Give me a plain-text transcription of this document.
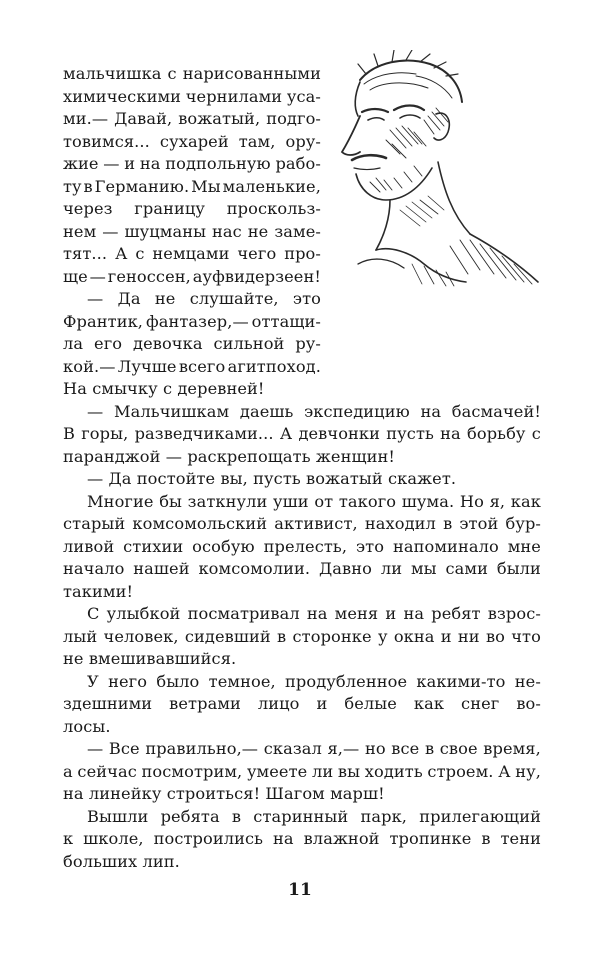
мальчишка с нарисованными
химическими чернилами уса-
ми.— Давай, вожатый, подго-
товимся... сухарей там, ору-
жие — и на подпольную рабо-
ту в Германию. Мы маленькие,
через границу проскольз-
нем — шуцманы нас не заме-
тят... А с немцами чего про-
ще — геноссен, ауфвидерзеен!
— Да не слушайте, это
Франтик, фантазер,— оттащи-
ла его девочка сильной ру-
кой.— Лучше всего агитпоход.
На смычку с деревней!
— Мальчишкам даешь экспедицию на басмачей!
В горы, разведчиками... А девчонки пусть на борьбу с
паранджой — раскрепощать женщин!
— Да постойте вы, пусть вожатый скажет.
Многие бы заткнули уши от такого шума. Но я, как
старый комсомольский активист, находил в этой бур-
ливой стихии особую прелесть, это напоминало мне
начало нашей комсомолии. Давно ли мы сами были
такими!
С улыбкой посматривал на меня и на ребят взрос-
лый человек, сидевший в сторонке у окна и ни во что
не вмешивавшийся.
У него было темное, продубленное какими-то не-
здешними ветрами лицо и белые как снег во-
лосы.
— Все правильно,— сказал я,— но все в свое время,
а сейчас посмотрим, умеете ли вы ходить строем. А ну,
на линейку строиться! Шагом марш!
Вышли ребята в старинный парк, прилегающий
к школе, построились на влажной тропинке в тени
больших лип.
11
